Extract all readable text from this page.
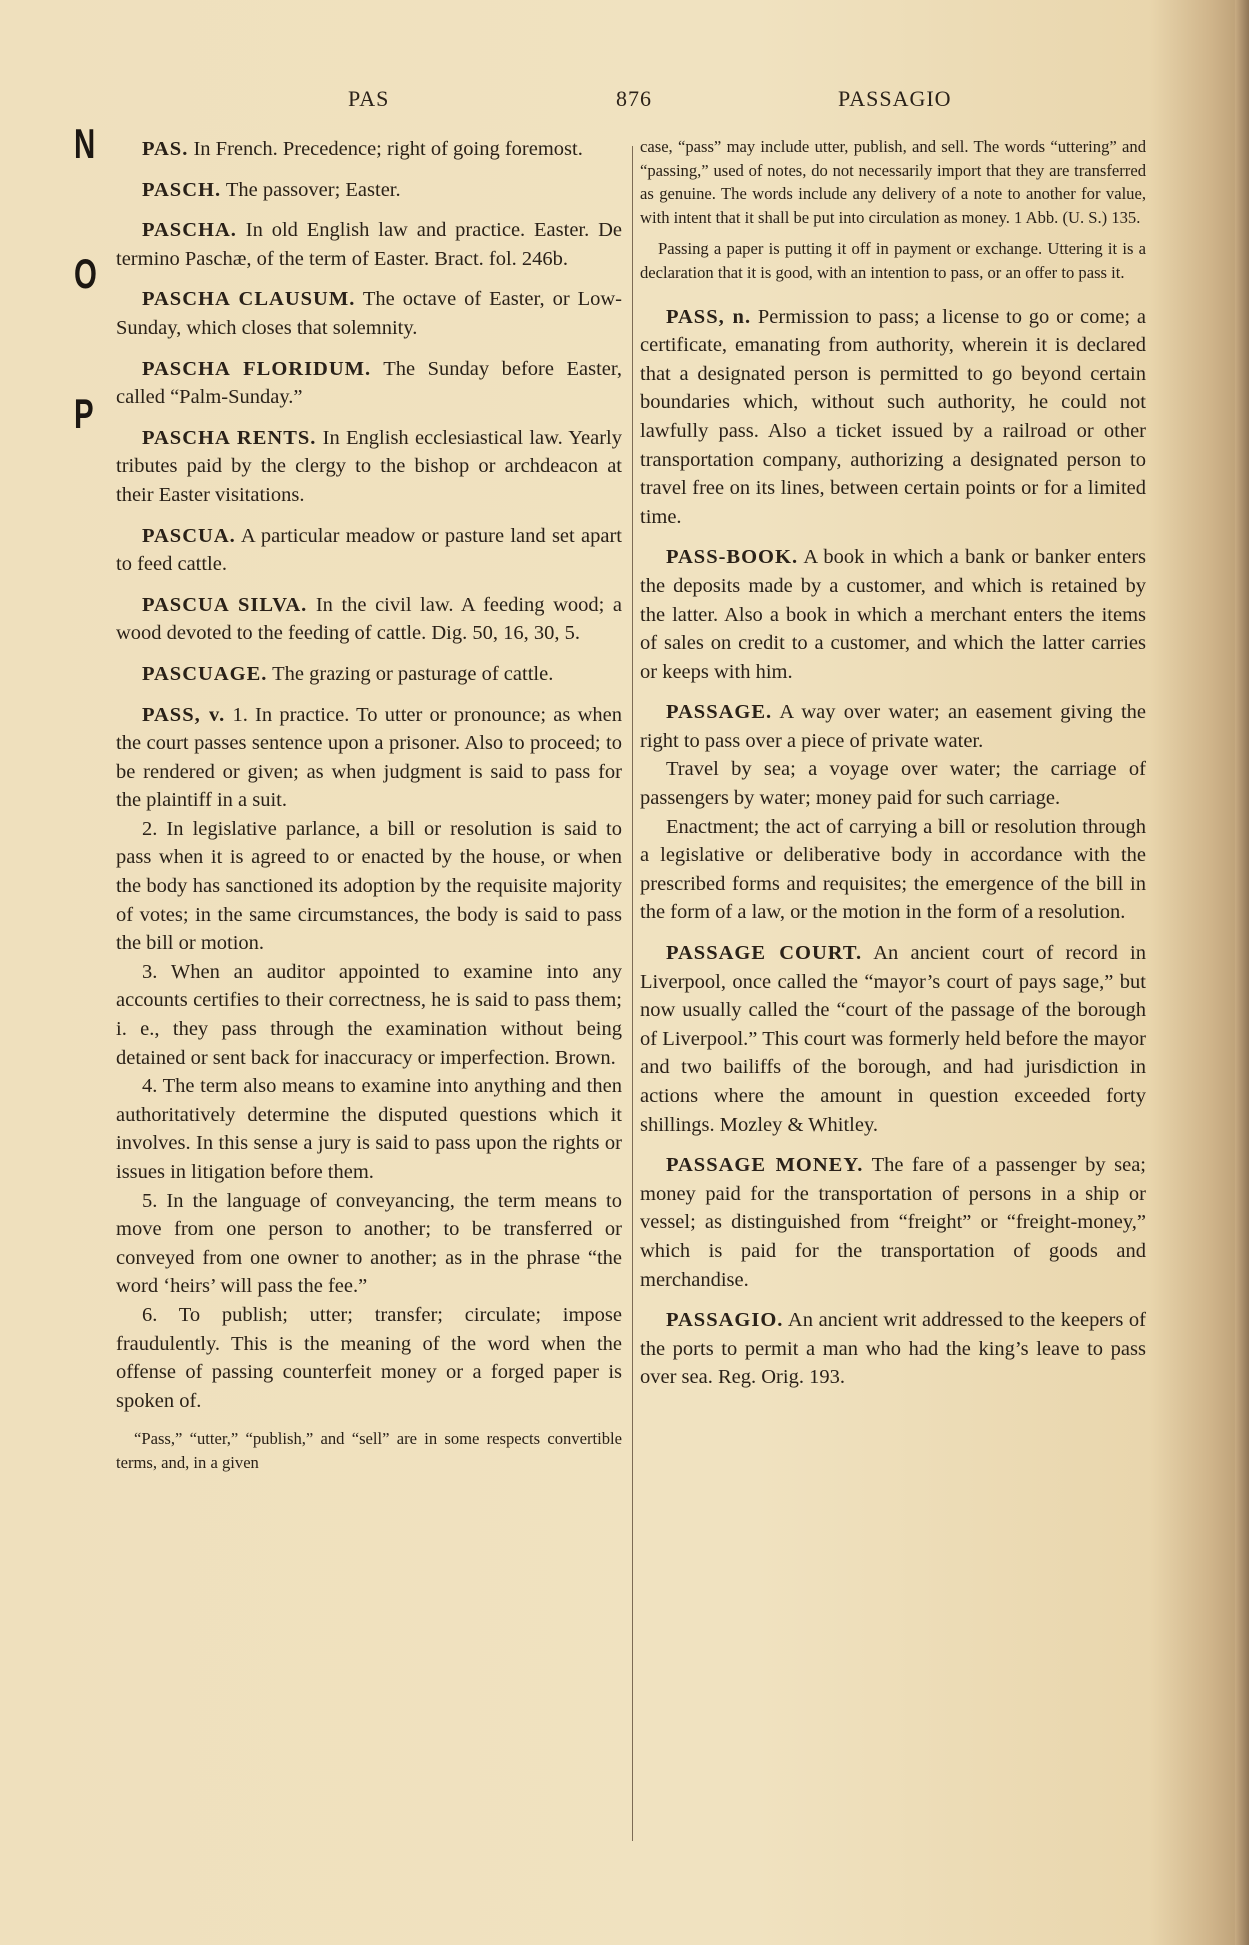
PAS	876	PASSAGIO
N
O
P
PAS. In French. Precedence; right of going foremost.
PASCH. The passover; Easter.
PASCHA. In old English law and practice. Easter. De termino Paschæ, of the term of Easter. Bract. fol. 246b.
PASCHA CLAUSUM. The octave of Easter, or Low-Sunday, which closes that solemnity.
PASCHA FLORIDUM. The Sunday before Easter, called “Palm-Sunday.”
PASCHA RENTS. In English ecclesiastical law. Yearly tributes paid by the clergy to the bishop or archdeacon at their Easter visitations.
PASCUA. A particular meadow or pasture land set apart to feed cattle.
PASCUA SILVA. In the civil law. A feeding wood; a wood devoted to the feeding of cattle. Dig. 50, 16, 30, 5.
PASCUAGE. The grazing or pasturage of cattle.

PASS, v. 1. In practice. To utter or pronounce; as when the court passes sentence upon a prisoner. Also to proceed; to be rendered or given; as when judgment is said to pass for the plaintiff in a suit.

2. In legislative parlance, a bill or resolution is said to pass when it is agreed to or enacted by the house, or when the body has sanctioned its adoption by the requisite majority of votes; in the same circumstances, the body is said to pass the bill or motion.

3. When an auditor appointed to examine into any accounts certifies to their correctness, he is said to pass them; i. e., they pass through the examination without being detained or sent back for inaccuracy or imperfection. Brown.

4. The term also means to examine into anything and then authoritatively determine the disputed questions which it involves. In this sense a jury is said to pass upon the rights or issues in litigation before them.

5. In the language of conveyancing, the term means to move from one person to another; to be transferred or conveyed from one owner to another; as in the phrase “the word ‘heirs’ will pass the fee.”

6. To publish; utter; transfer; circulate; impose fraudulently. This is the meaning of the word when the offense of passing counterfeit money or a forged paper is spoken of.

“Pass,” “utter,” “publish,” and “sell” are in some respects convertible terms, and, in a given
case, “pass” may include utter, publish, and sell. The words “uttering” and “passing,” used of notes, do not necessarily import that they are transferred as genuine. The words include any delivery of a note to another for value, with intent that it shall be put into circulation as money. 1 Abb. (U. S.) 135.
Passing a paper is putting it off in payment or exchange. Uttering it is a declaration that it is good, with an intention to pass, or an offer to pass it.
PASS, n. Permission to pass; a license to go or come; a certificate, emanating from authority, wherein it is declared that a designated person is permitted to go beyond certain boundaries which, without such authority, he could not lawfully pass. Also a ticket issued by a railroad or other transportation company, authorizing a designated person to travel free on its lines, between certain points or for a limited time.
PASS-BOOK. A book in which a bank or banker enters the deposits made by a customer, and which is retained by the latter. Also a book in which a merchant enters the items of sales on credit to a customer, and which the latter carries or keeps with him.

PASSAGE. A way over water; an easement giving the right to pass over a piece of private water.

Travel by sea; a voyage over water; the carriage of passengers by water; money paid for such carriage.

Enactment; the act of carrying a bill or resolution through a legislative or deliberative body in accordance with the prescribed forms and requisites; the emergence of the bill in the form of a law, or the motion in the form of a resolution.

PASSAGE COURT. An ancient court of record in Liverpool, once called the “mayor’s court of pays sage,” but now usually called the “court of the passage of the borough of Liverpool.” This court was formerly held before the mayor and two bailiffs of the borough, and had jurisdiction in actions where the amount in question exceeded forty shillings. Mozley & Whitley.
PASSAGE MONEY. The fare of a passenger by sea; money paid for the transportation of persons in a ship or vessel; as distinguished from “freight” or “freight-money,” which is paid for the transportation of goods and merchandise.
PASSAGIO. An ancient writ addressed to the keepers of the ports to permit a man who had the king’s leave to pass over sea. Reg. Orig. 193.
